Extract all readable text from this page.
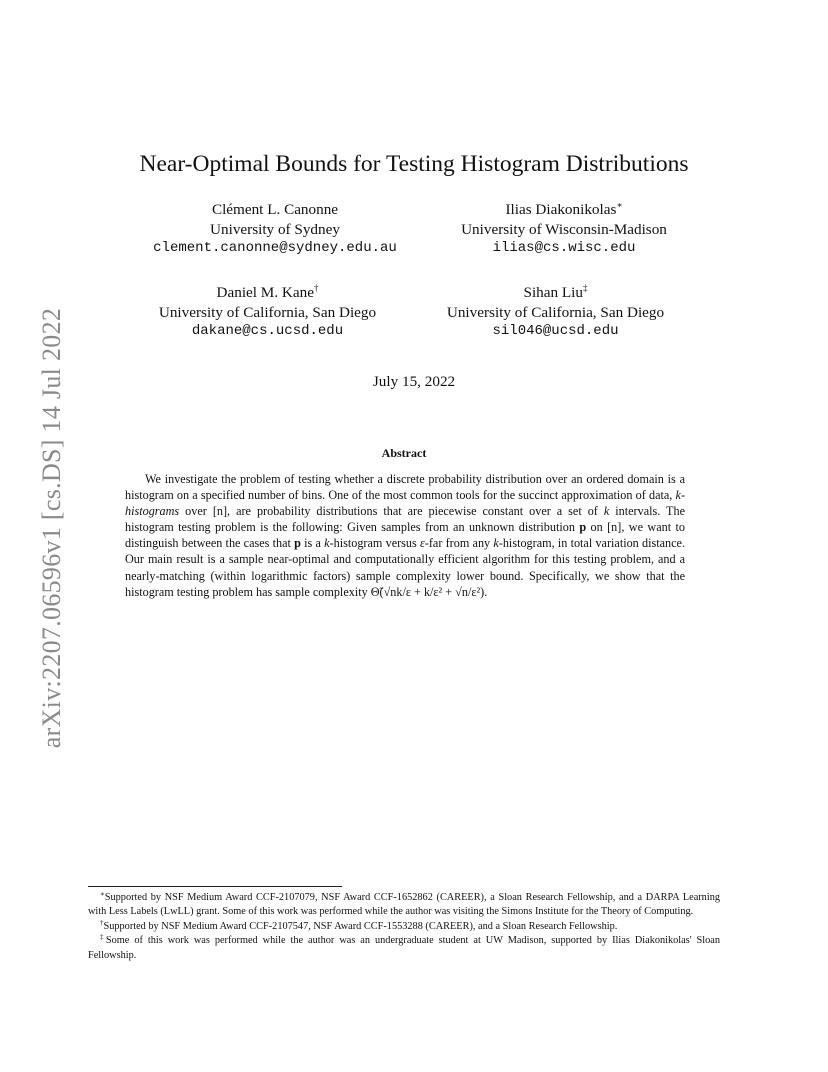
arXiv:2207.06596v1 [cs.DS] 14 Jul 2022
Near-Optimal Bounds for Testing Histogram Distributions
Clément L. Canonne
University of Sydney
clement.canonne@sydney.edu.au
Ilias Diakonikolas∗
University of Wisconsin-Madison
ilias@cs.wisc.edu
Daniel M. Kane†
University of California, San Diego
dakane@cs.ucsd.edu
Sihan Liu‡
University of California, San Diego
sil046@ucsd.edu
July 15, 2022
Abstract

We investigate the problem of testing whether a discrete probability distribution over an ordered domain is a histogram on a specified number of bins. One of the most common tools for the succinct approximation of data, k-histograms over [n], are probability distributions that are piecewise constant over a set of k intervals. The histogram testing problem is the following: Given samples from an unknown distribution p on [n], we want to distinguish between the cases that p is a k-histogram versus ε-far from any k-histogram, in total variation distance. Our main result is a sample near-optimal and computationally efficient algorithm for this testing problem, and a nearly-matching (within logarithmic factors) sample complexity lower bound. Specifically, we show that the histogram testing problem has sample complexity Θ̃(√nk/ε + k/ε² + √n/ε²).

∗Supported by NSF Medium Award CCF-2107079, NSF Award CCF-1652862 (CAREER), a Sloan Research Fellowship, and a DARPA Learning with Less Labels (LwLL) grant. Some of this work was performed while the author was visiting the Simons Institute for the Theory of Computing.

†Supported by NSF Medium Award CCF-2107547, NSF Award CCF-1553288 (CAREER), and a Sloan Research Fellowship.

‡Some of this work was performed while the author was an undergraduate student at UW Madison, supported by Ilias Diakonikolas' Sloan Fellowship.
